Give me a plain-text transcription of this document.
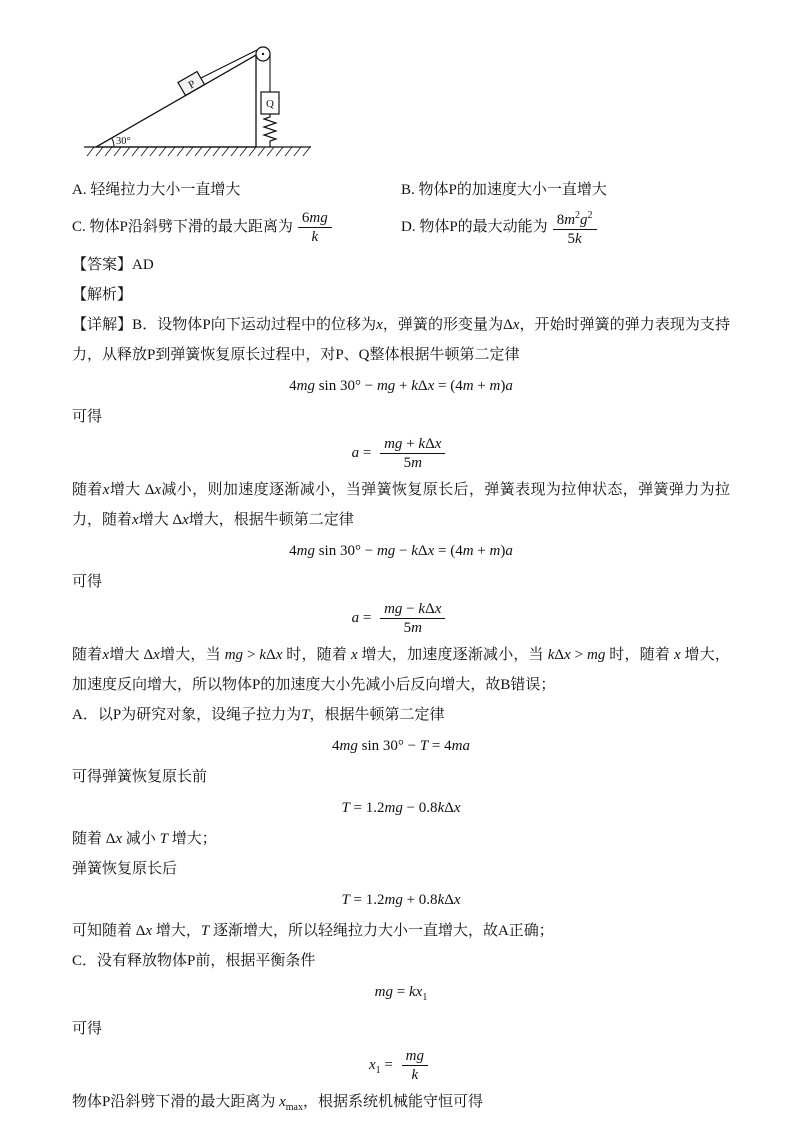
30°
P
Q
A. 轻绳拉力大小一直增大	B. 物体P的加速度大小一直增大
C. 物体P沿斜劈下滑的最大距离为 $\frac{6mg}{k}$	D. 物体P的最大动能为 $\frac{8m^2g^2}{5k}$

【答案】AD

【解析】

【详解】B．设物体P向下运动过程中的位移为x，弹簧的形变量为Δx，开始时弹簧的弹力表现为支持力，从释放P到弹簧恢复原长过程中，对P、Q整体根据牛顿第二定律

4mg sin 30° − mg + kΔx = (4m + m)a

可得

$a = \frac{\text{mg + kΔx}}{5m}$

随着x增大 Δx减小，则加速度逐渐减小，当弹簧恢复原长后，弹簧表现为拉伸状态，弹簧弹力为拉力，随着x增大 Δx增大，根据牛顿第二定律

4mg sin 30° − mg − kΔx = (4m + m)a

可得

$a = \frac{\text{mg − kΔx}}{5m}$

随着x增大 Δx增大，当 mg > kΔx 时，随着 x 增大，加速度逐渐减小，当 kΔx > mg 时，随着 x 增大，加速度反向增大，所以物体P的加速度大小先减小后反向增大，故B错误；

A．以P为研究对象，设绳子拉力为T，根据牛顿第二定律

4mg sin 30° − T = 4ma

可得弹簧恢复原长前

T = 1.2mg − 0.8kΔx

随着 Δx 减小 T 增大；

弹簧恢复原长后

T = 1.2mg + 0.8kΔx

可知随着 Δx 增大，T 逐渐增大，所以轻绳拉力大小一直增大，故A正确；

C．没有释放物体P前，根据平衡条件

mg = $kx_1$

可得

$x_1 = \frac{mg}{k}$

物体P沿斜劈下滑的最大距离为 $x_{max}$，根据系统机械能守恒可得
